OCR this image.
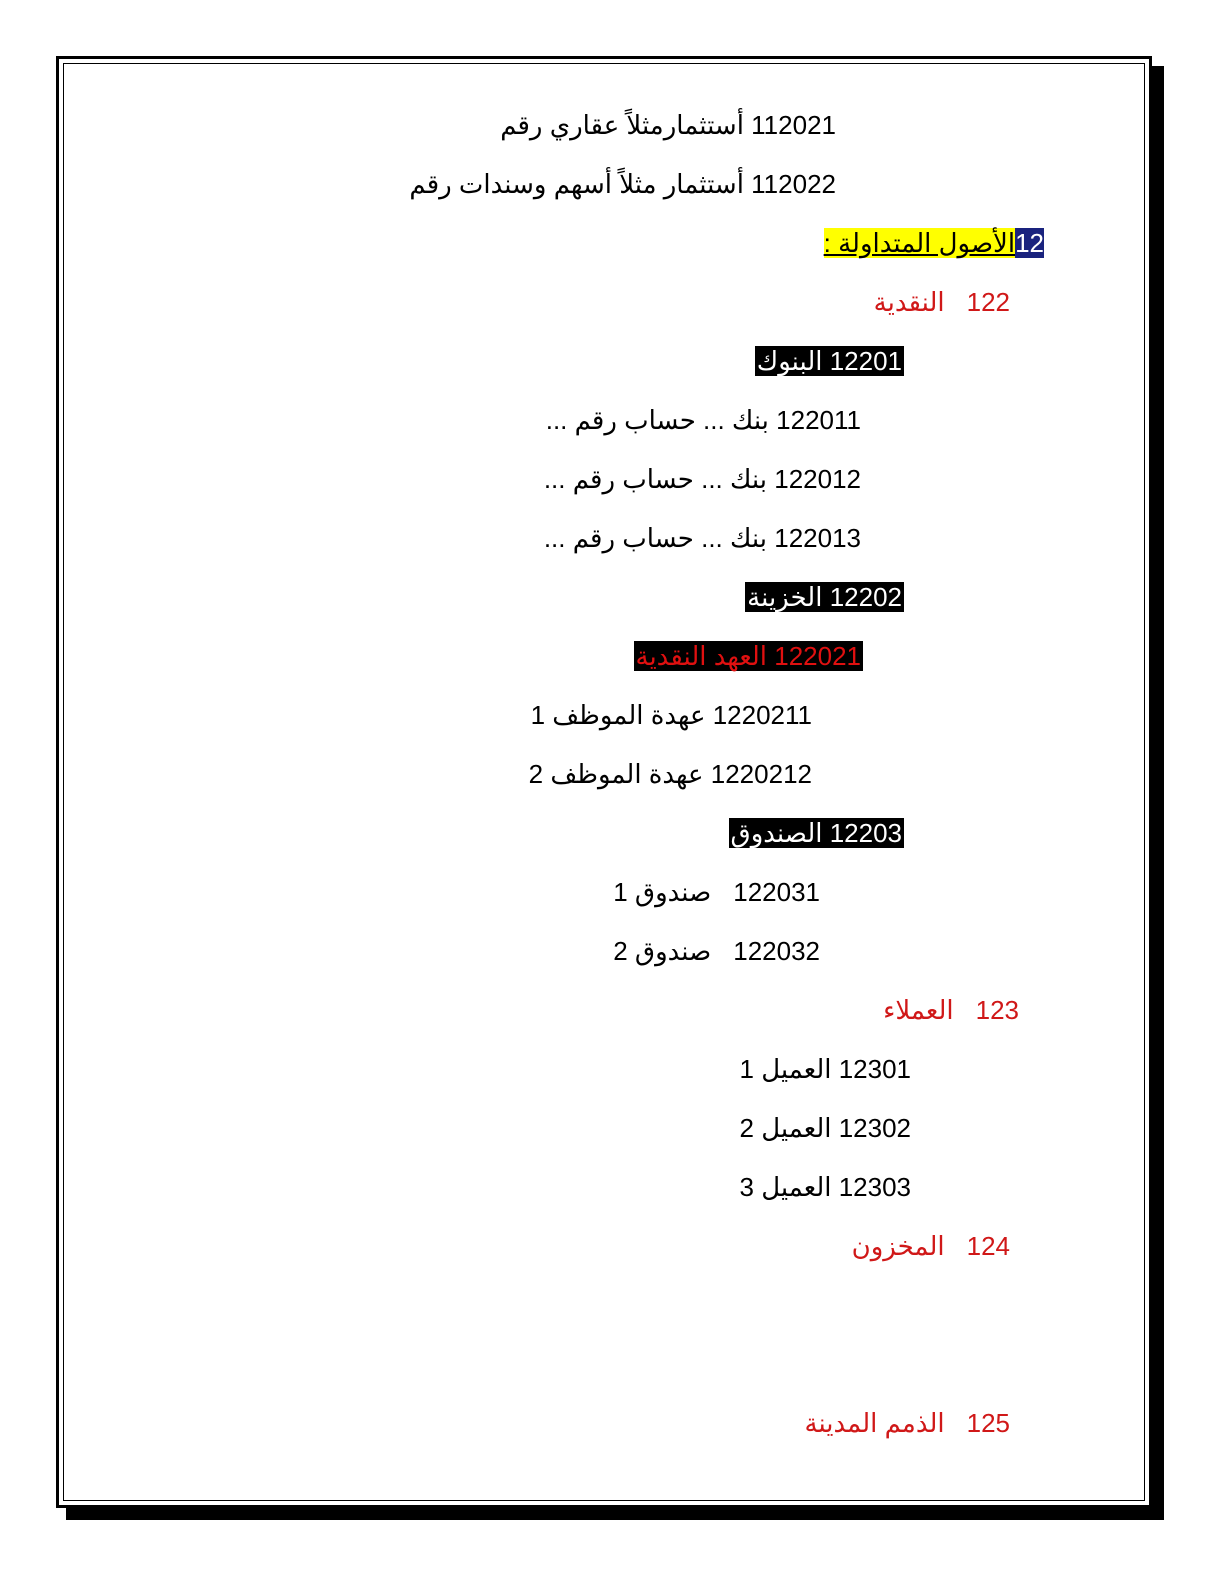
112021 أستثمارمثلاً عقاري رقم
112022 أستثمار مثلاً أسهم وسندات رقم
12الأصول المتداولة :
122النقدية
12201 البنوك
122011 بنك ... حساب رقم ...
122012 بنك ... حساب رقم ...
122013 بنك ... حساب رقم ...
12202 الخزينة
122021 العهد النقدية
1220211 عهدة الموظف 1
1220212 عهدة الموظف 2
12203 الصندوق
122031صندوق 1
122032صندوق 2
123العملاء
12301 العميل 1
12302 العميل 2
12303 العميل 3
124المخزون
125الذمم المدينة
